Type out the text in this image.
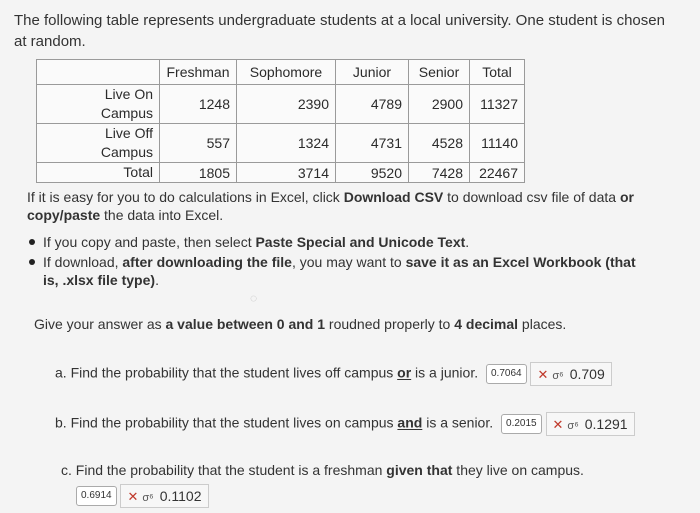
The following table represents undergraduate students at a local university. One student is chosen at random.
	Freshman	Sophomore	Junior	Senior	Total
Live On
Campus	1248	2390	4789	2900	11327
Live Off
Campus	557	1324	4731	4528	11140
Total	1805	3714	9520	7428	22467
If it is easy for you to do calculations in Excel, click Download CSV to download csv file of data or copy/paste the data into Excel.
If you copy and paste, then select Paste Special and Unicode Text.
If download, after downloading the file, you may want to save it as an Excel Workbook (that is, .xlsx file type).
◌
Give your answer as a value between 0 and 1 roudned properly to 4 decimal places.
a. Find the probability that the student lives off campus or is a junior. 0.7064 ✕ σ⁶ 0.709
b. Find the probability that the student lives on campus and is a senior. 0.2015 ✕ σ⁶ 0.1291
c. Find the probability that the student is a freshman given that they live on campus.
0.6914 ✕ σ⁶ 0.1102
